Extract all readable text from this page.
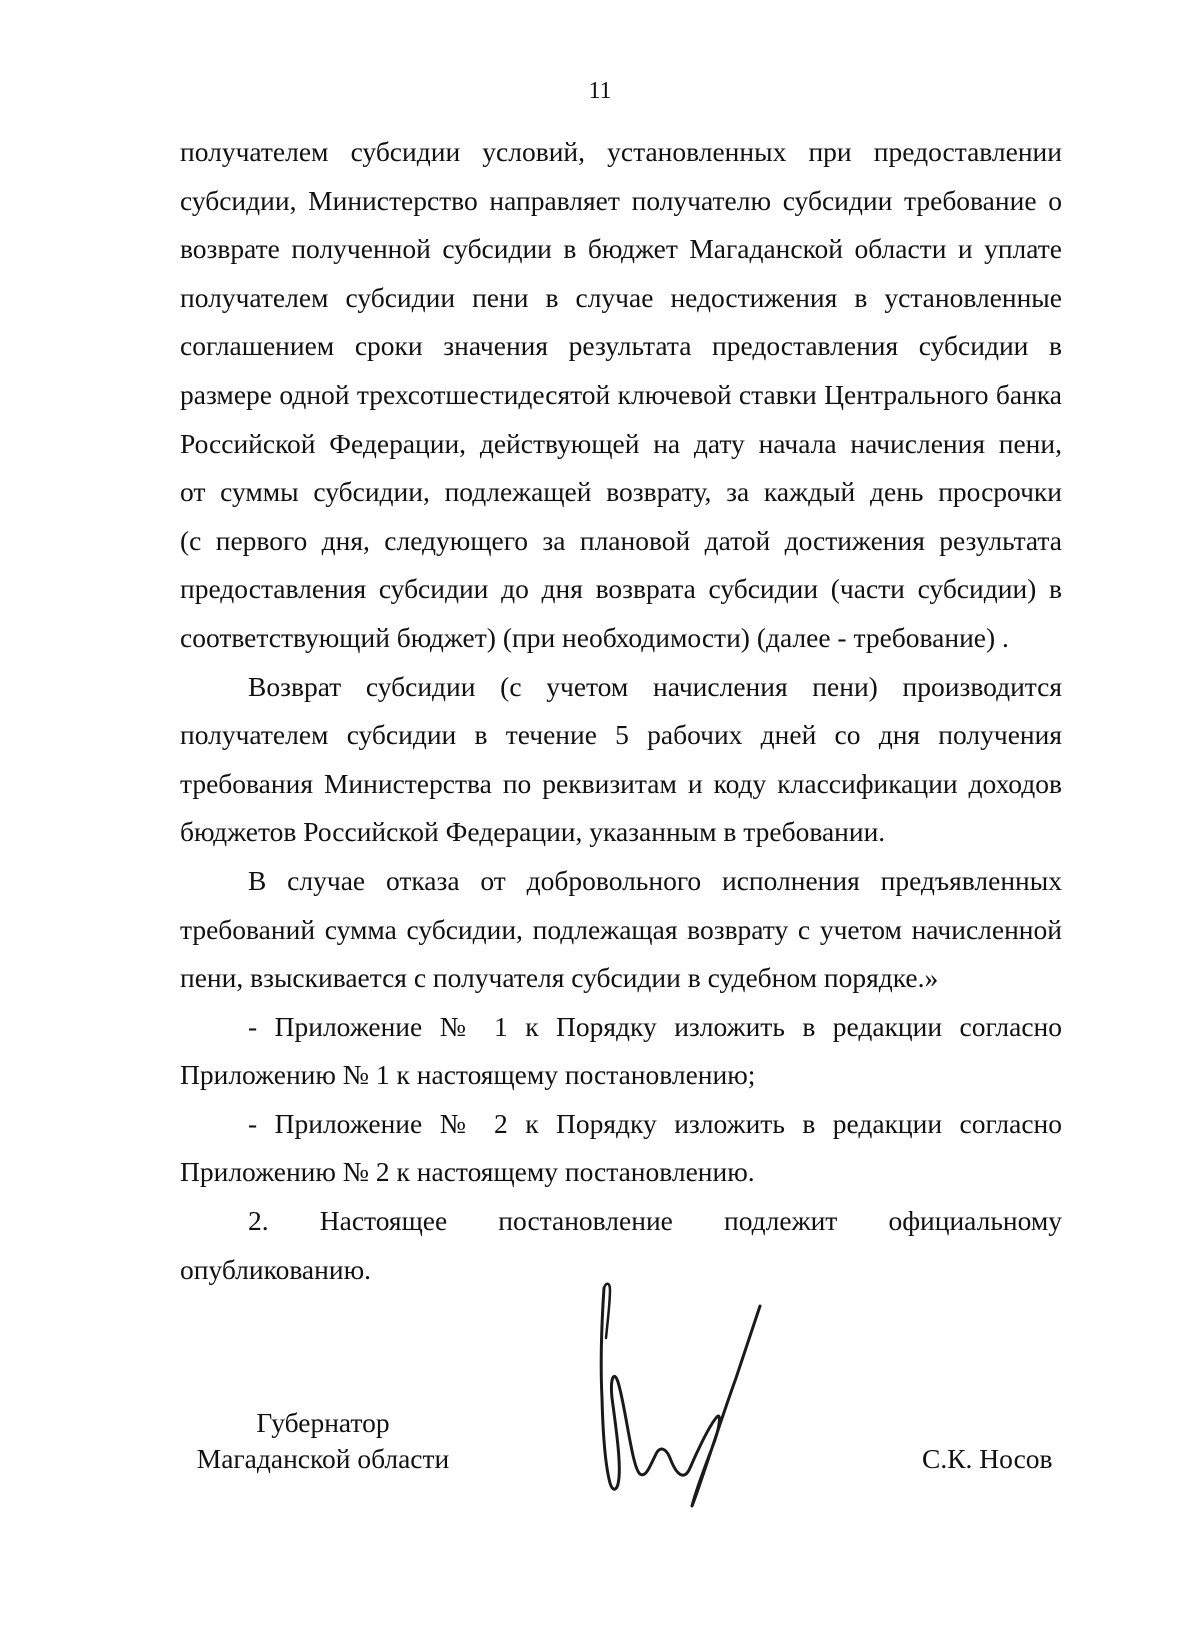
11

получателем субсидии условий, установленных при предоставлении
субсидии, Министерство направляет получателю субсидии требование о
возврате полученной субсидии в бюджет Магаданской области и уплате
получателем субсидии пени в случае недостижения в установленные
соглашением сроки значения результата предоставления субсидии в
размере одной трехсотшестидесятой ключевой ставки Центрального банка
Российской Федерации, действующей на дату начала начисления пени,
от суммы субсидии, подлежащей возврату, за каждый день просрочки
(с первого дня, следующего за плановой датой достижения результата
предоставления субсидии до дня возврата субсидии (части субсидии) в
соответствующий бюджет) (при необходимости) (далее - требование) .

Возврат субсидии (с учетом начисления пени) производится
получателем субсидии в течение 5 рабочих дней со дня получения
требования Министерства по реквизитам и коду классификации доходов
бюджетов Российской Федерации, указанным в требовании.

В случае отказа от добровольного исполнения предъявленных
требований сумма субсидии, подлежащая возврату с учетом начисленной
пени, взыскивается с получателя субсидии в судебном порядке.»

- Приложение № 1 к Порядку изложить в редакции согласно
Приложению № 1 к настоящему постановлению;

- Приложение № 2 к Порядку изложить в редакции согласно
Приложению № 2 к настоящему постановлению.

2. Настоящее постановление подлежит официальному
опубликованию.

Губернатор
Магаданской области	С.К. Носов
